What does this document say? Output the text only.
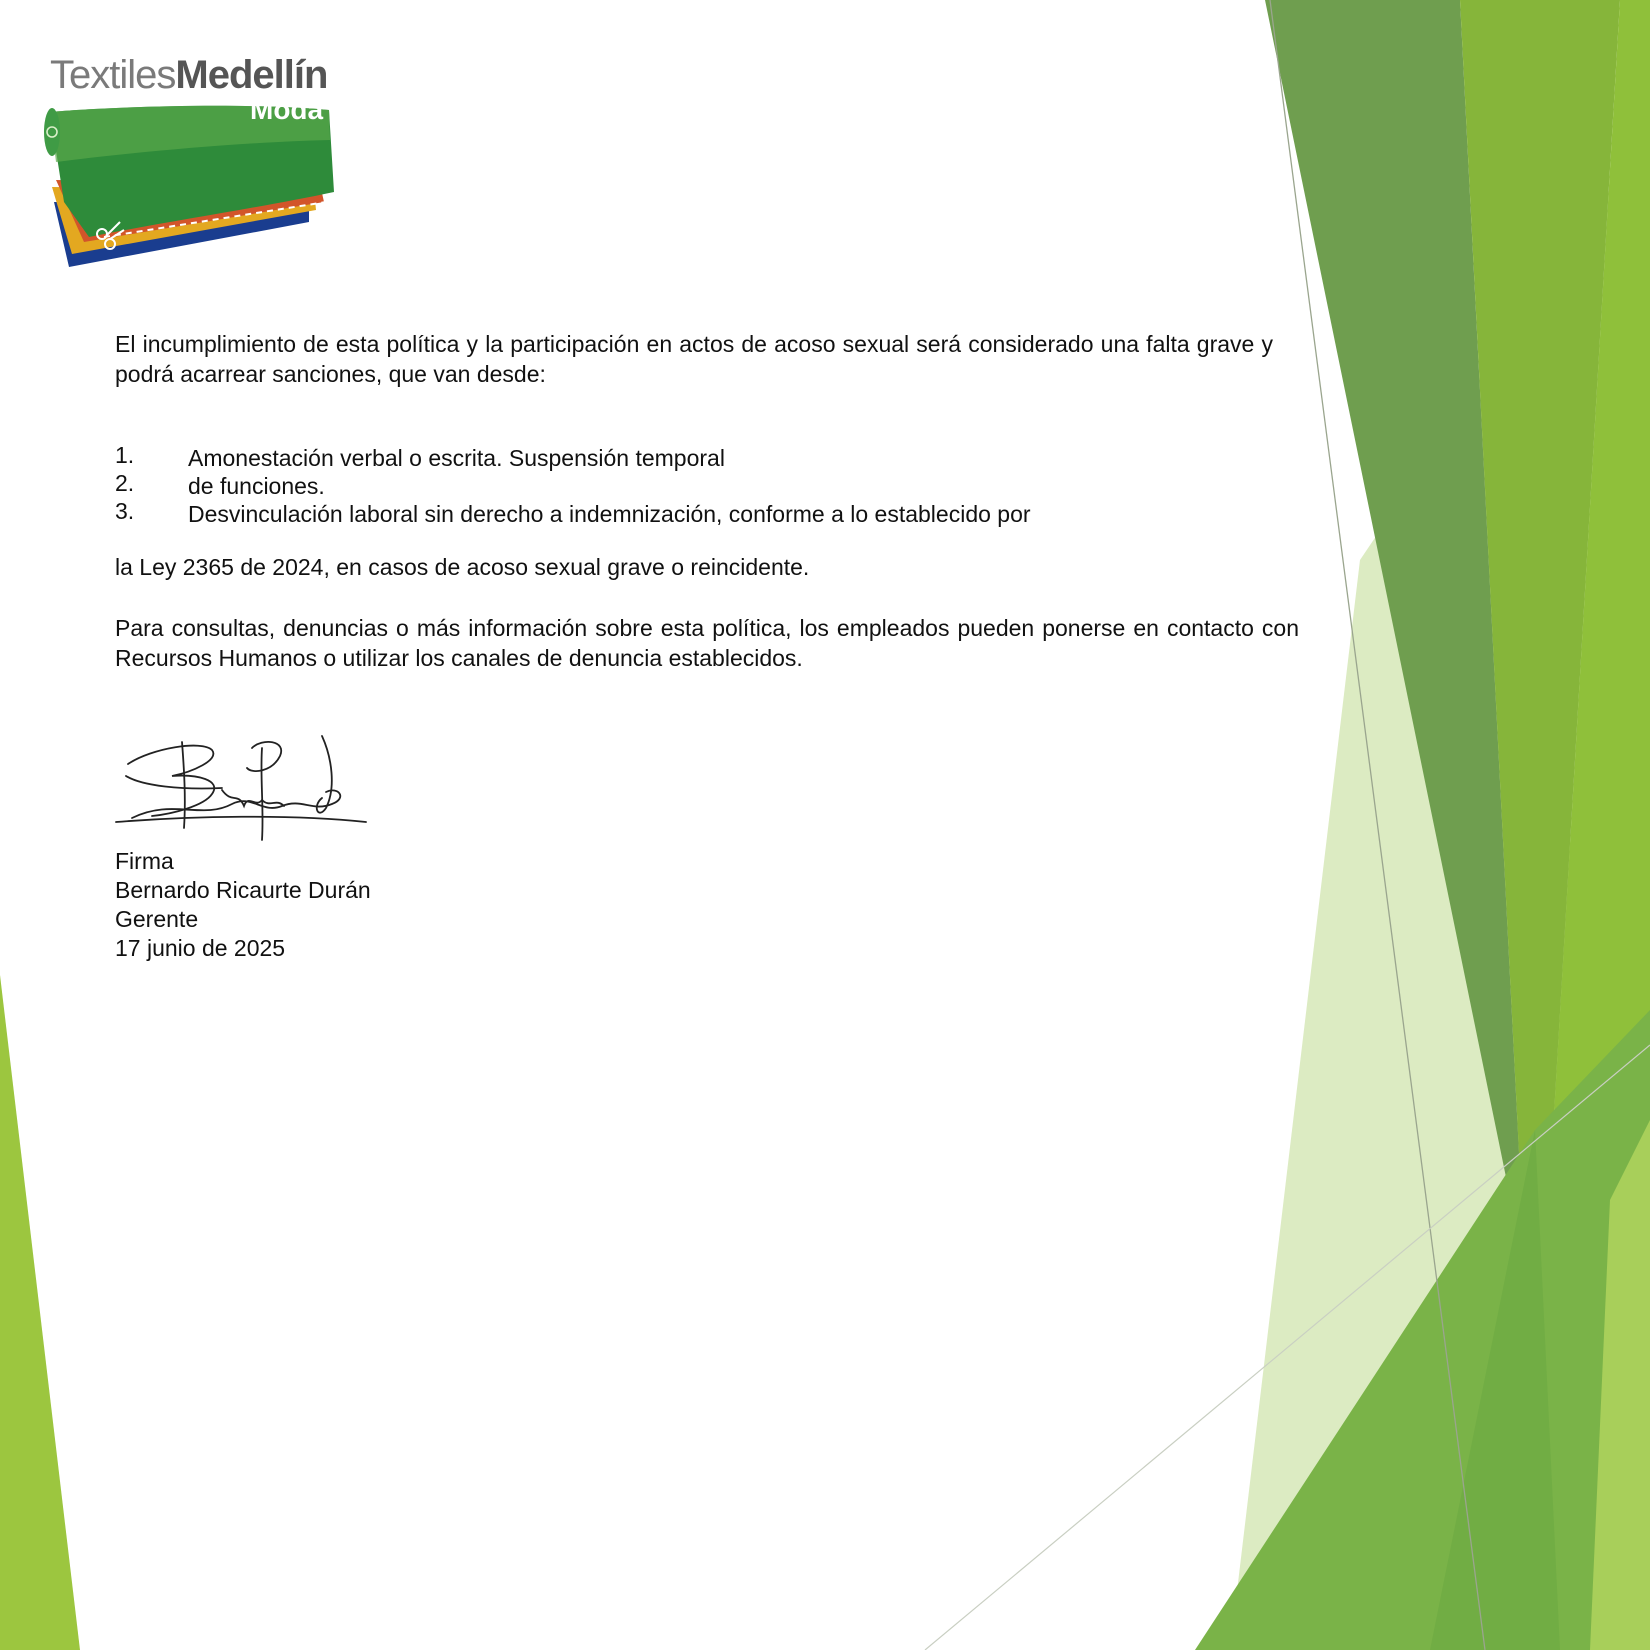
TextilesMedellín
Moda
El incumplimiento de esta política y la participación en actos de acoso sexual será considerado una falta grave y podrá acarrear sanciones, que van desde:
1.	Amonestación verbal o escrita. Suspensión temporal
2.	de funciones.
3.	Desvinculación laboral sin derecho a indemnización, conforme a lo establecido por
la Ley 2365 de 2024, en casos de acoso sexual grave o reincidente.
Para consultas, denuncias o más información sobre esta política, los empleados pueden ponerse en contacto con Recursos Humanos o utilizar los canales de denuncia establecidos.
Firma
Bernardo Ricaurte Durán
Gerente
17 junio de 2025
